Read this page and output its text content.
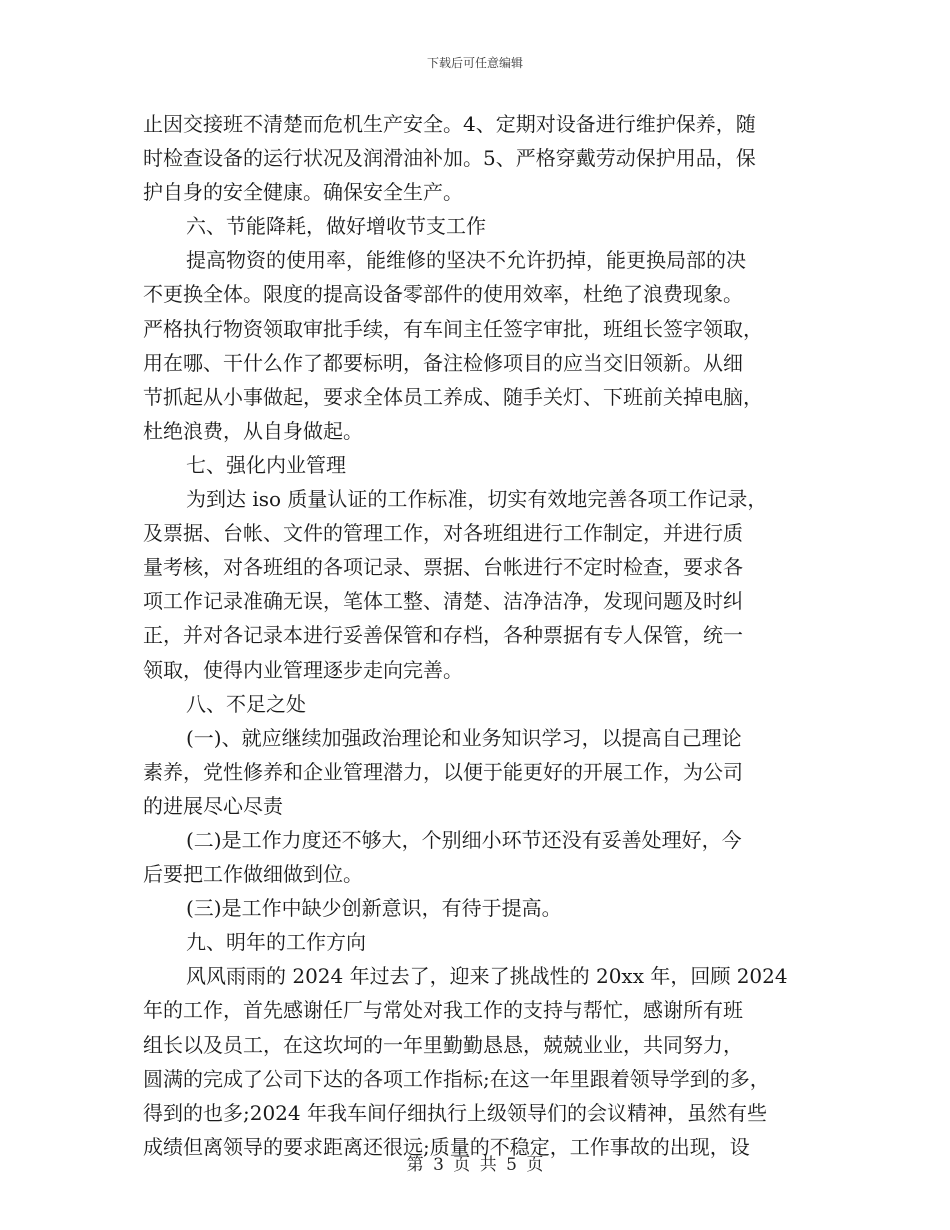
下载后可任意编辑
止因交接班不清楚而危机生产安全。4、定期对设备进行维护保养，随
时检查设备的运行状况及润滑油补加。5、严格穿戴劳动保护用品，保
护自身的安全健康。确保安全生产。
六、节能降耗，做好增收节支工作
提高物资的使用率，能维修的坚决不允许扔掉，能更换局部的决
不更换全体。限度的提高设备零部件的使用效率，杜绝了浪费现象。
严格执行物资领取审批手续，有车间主任签字审批，班组长签字领取，
用在哪、干什么作了都要标明，备注检修项目的应当交旧领新。从细
节抓起从小事做起，要求全体员工养成、随手关灯、下班前关掉电脑，
杜绝浪费，从自身做起。
七、强化内业管理
为到达 iso 质量认证的工作标准，切实有效地完善各项工作记录，
及票据、台帐、文件的管理工作，对各班组进行工作制定，并进行质
量考核，对各班组的各项记录、票据、台帐进行不定时检查，要求各
项工作记录准确无误，笔体工整、清楚、洁净洁净，发现问题及时纠
正，并对各记录本进行妥善保管和存档，各种票据有专人保管，统一
领取，使得内业管理逐步走向完善。
八、不足之处
(一)、就应继续加强政治理论和业务知识学习，以提高自己理论
素养，党性修养和企业管理潜力，以便于能更好的开展工作，为公司
的进展尽心尽责
(二)是工作力度还不够大，个别细小环节还没有妥善处理好，今
后要把工作做细做到位。
(三)是工作中缺少创新意识，有待于提高。
九、明年的工作方向
风风雨雨的 2024 年过去了，迎来了挑战性的 20xx 年，回顾 2024
年的工作，首先感谢任厂与常处对我工作的支持与帮忙，感谢所有班
组长以及员工，在这坎坷的一年里勤勤恳恳，兢兢业业，共同努力，
圆满的完成了公司下达的各项工作指标;在这一年里跟着领导学到的多，
得到的也多;2024 年我车间仔细执行上级领导们的会议精神，虽然有些
成绩但离领导的要求距离还很远;质量的不稳定，工作事故的出现，设
第 3 页 共 5 页
